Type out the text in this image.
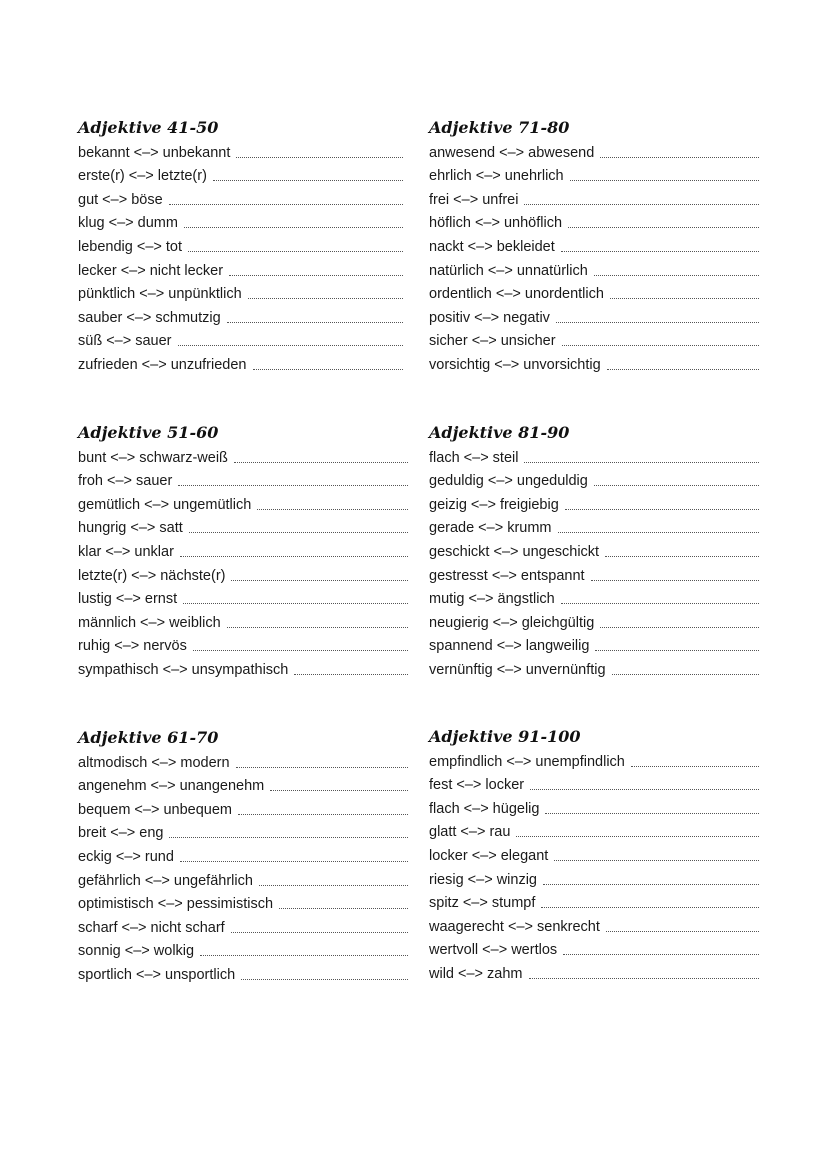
Adjektive 41-50
bekannt <–> unbekannt
erste(r) <–> letzte(r)
gut <–> böse
klug <–> dumm
lebendig <–> tot
lecker <–> nicht lecker
pünktlich <–> unpünktlich
sauber <–> schmutzig
süß <–> sauer
zufrieden <–> unzufrieden
Adjektive 71-80
anwesend <–> abwesend
ehrlich <–> unehrlich
frei <–> unfrei
höflich <–> unhöflich
nackt <–> bekleidet
natürlich <–> unnatürlich
ordentlich <–> unordentlich
positiv <–> negativ
sicher <–> unsicher
vorsichtig <–> unvorsichtig
Adjektive 51-60
bunt <–> schwarz-weiß
froh <–> sauer
gemütlich <–> ungemütlich
hungrig <–> satt
klar <–> unklar
letzte(r) <–> nächste(r)
lustig <–> ernst
männlich <–> weiblich
ruhig <–> nervös
sympathisch <–> unsympathisch
Adjektive 81-90
flach <–> steil
geduldig <–> ungeduldig
geizig <–> freigiebig
gerade <–> krumm
geschickt <–> ungeschickt
gestresst <–> entspannt
mutig <–> ängstlich
neugierig <–> gleichgültig
spannend <–> langweilig
vernünftig <–> unvernünftig
Adjektive 61-70
altmodisch <–> modern
angenehm <–> unangenehm
bequem <–> unbequem
breit <–> eng
eckig <–> rund
gefährlich <–> ungefährlich
optimistisch <–> pessimistisch
scharf <–> nicht scharf
sonnig <–> wolkig
sportlich <–> unsportlich
Adjektive 91-100
empfindlich <–> unempfindlich
fest <–> locker
flach <–> hügelig
glatt <–> rau
locker <–> elegant
riesig <–> winzig
spitz <–> stumpf
waagerecht <–> senkrecht
wertvoll <–> wertlos
wild <–> zahm
